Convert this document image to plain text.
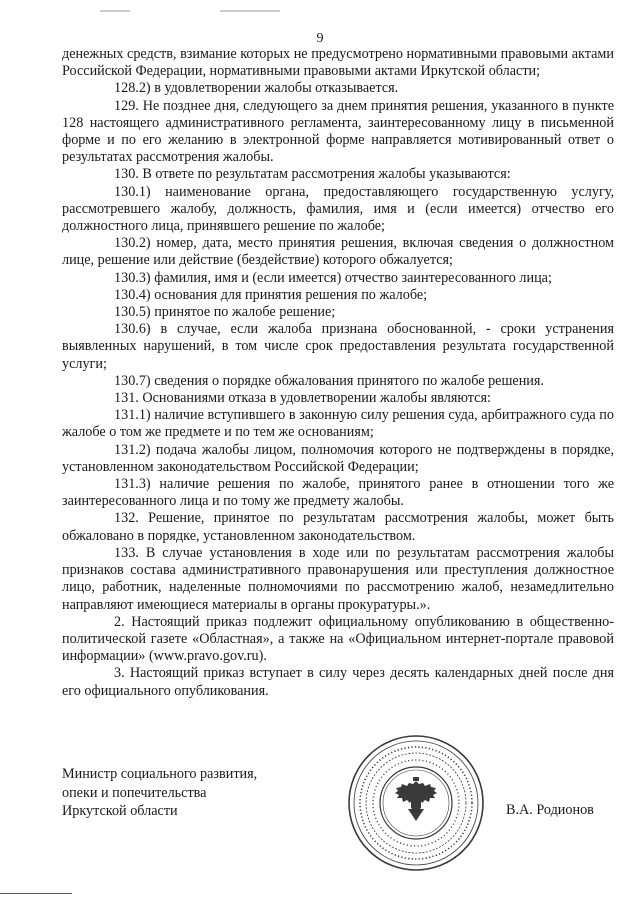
9

денежных средств, взимание которых не предусмотрено нормативными правовыми актами Российской Федерации, нормативными правовыми актами Иркутской области;

128.2) в удовлетворении жалобы отказывается.

129. Не позднее дня, следующего за днем принятия решения, указанного в пункте 128 настоящего административного регламента, заинтересованному лицу в письменной форме и по его желанию в электронной форме направляется мотивированный ответ о результатах рассмотрения жалобы.

130. В ответе по результатам рассмотрения жалобы указываются:

130.1) наименование органа, предоставляющего государственную услугу, рассмотревшего жалобу, должность, фамилия, имя и (если имеется) отчество его должностного лица, принявшего решение по жалобе;

130.2) номер, дата, место принятия решения, включая сведения о должностном лице, решение или действие (бездействие) которого обжалуется;

130.3) фамилия, имя и (если имеется) отчество заинтересованного лица;

130.4) основания для принятия решения по жалобе;

130.5) принятое по жалобе решение;

130.6) в случае, если жалоба признана обоснованной, - сроки устранения выявленных нарушений, в том числе срок предоставления результата государственной услуги;

130.7) сведения о порядке обжалования принятого по жалобе решения.

131. Основаниями отказа в удовлетворении жалобы являются:

131.1) наличие вступившего в законную силу решения суда, арбитражного суда по жалобе о том же предмете и по тем же основаниям;

131.2) подача жалобы лицом, полномочия которого не подтверждены в порядке, установленном законодательством Российской Федерации;

131.3) наличие решения по жалобе, принятого ранее в отношении того же заинтересованного лица и по тому же предмету жалобы.

132. Решение, принятое по результатам рассмотрения жалобы, может быть обжаловано в порядке, установленном законодательством.

133. В случае установления в ходе или по результатам рассмотрения жалобы признаков состава административного правонарушения или преступления должностное лицо, работник, наделенные полномочиями по рассмотрению жалоб, незамедлительно направляют имеющиеся материалы в органы прокуратуры.».

2. Настоящий приказ подлежит официальному опубликованию в общественно-политической газете «Областная», а также на «Официальном интернет-портале правовой информации» (www.pravo.gov.ru).

3. Настоящий приказ вступает в силу через десять календарных дней после дня его официального опубликования.

Министр социального развития,
опеки и попечительства
Иркутской области	В.А. Родионов
